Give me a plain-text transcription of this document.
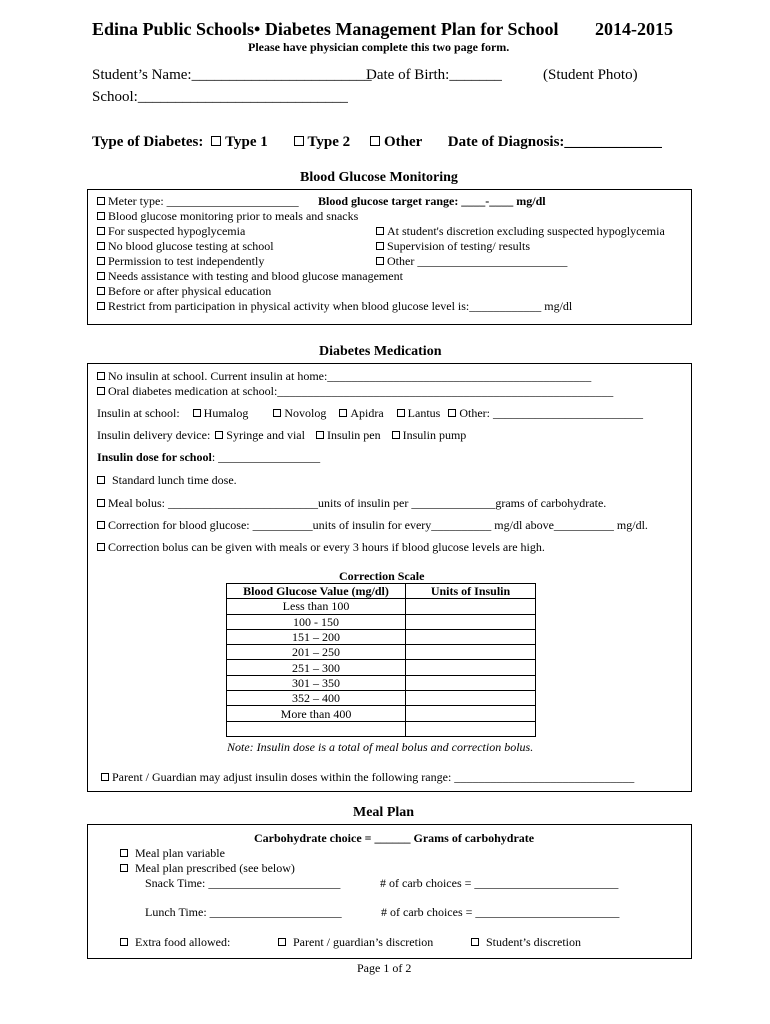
Edina Public Schools• Diabetes Management Plan for School 2014-2015
Please have physician complete this two page form.
Student’s Name:________________________
Date of Birth:_______	(Student Photo)
School:____________________________
Type of Diabetes: Type 1	Type 2 Other Date of Diagnosis:_____________
Blood Glucose Monitoring
Meter type: ______________________ Blood glucose target range: ____-____ mg/dl
Blood glucose monitoring prior to meals and snacks
For suspected hypoglycemia	At student's discretion excluding suspected hypoglycemia
No blood glucose testing at school	Supervision of testing/ results
Permission to test independently	Other _________________________
Needs assistance with testing and blood glucose management
Before or after physical education
Restrict from participation in physical activity when blood glucose level is:____________ mg/dl
Diabetes Medication
No insulin at school. Current insulin at home:____________________________________________
Oral diabetes medication at school:________________________________________________________
Insulin at school: Humalog	Novolog Apidra Lantus Other: _________________________
Insulin delivery device: Syringe and vial Insulin pen Insulin pump
Insulin dose for school: _________________
Standard lunch time dose.
Meal bolus: _________________________units of insulin per ______________grams of carbohydrate.
Correction for blood glucose: __________units of insulin for every__________ mg/dl above__________ mg/dl.
Correction bolus can be given with meals or every 3 hours if blood glucose levels are high.
Correction Scale
Blood Glucose Value (mg/dl)	Units of Insulin
Less than 100	
100 - 150	
151 – 200	
201 – 250	
251 – 300	
301 – 350	
352 – 400	
More than 400	

Note: Insulin dose is a total of meal bolus and correction bolus.
Parent / Guardian may adjust insulin doses within the following range: ______________________________
Meal Plan
Carbohydrate choice = ______ Grams of carbohydrate
Meal plan variable
Meal plan prescribed (see below)
Snack Time: ______________________	# of carb choices = ________________________
Lunch Time: ______________________	# of carb choices = ________________________
Extra food allowed:	Parent / guardian’s discretion	Student’s discretion
Page 1 of 2
